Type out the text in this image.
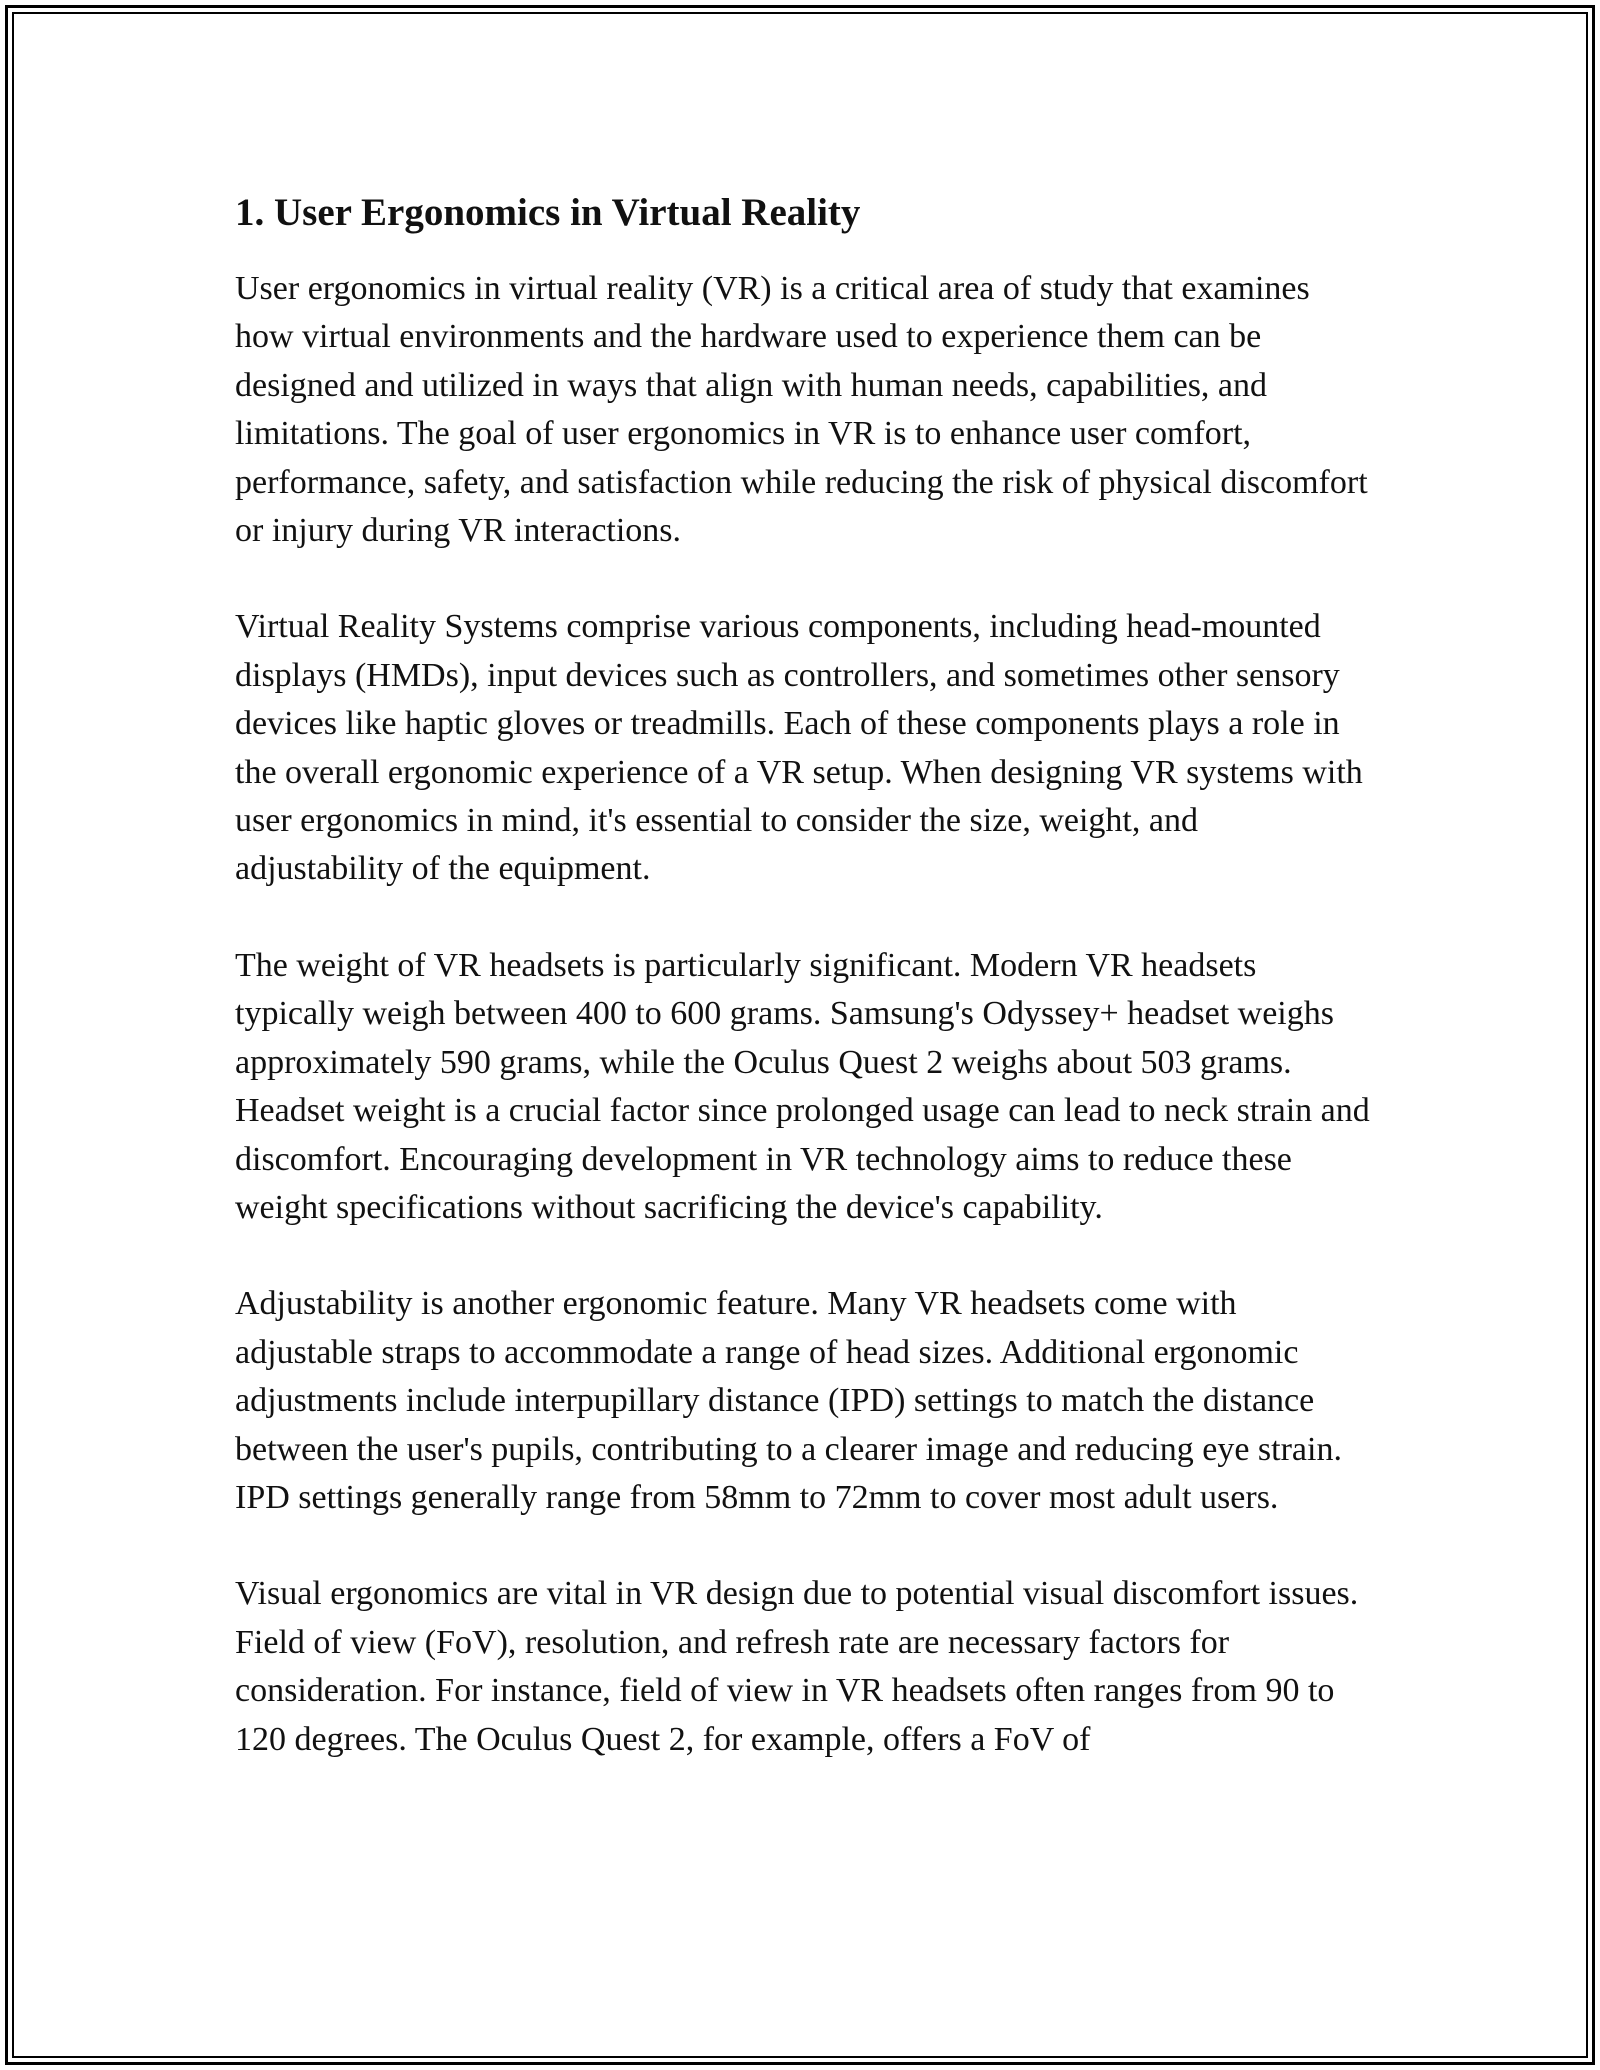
1. User Ergonomics in Virtual Reality

User ergonomics in virtual reality (VR) is a critical area of study that examines how virtual environments and the hardware used to experience them can be designed and utilized in ways that align with human needs, capabilities, and limitations. The goal of user ergonomics in VR is to enhance user comfort, performance, safety, and satisfaction while reducing the risk of physical discomfort or injury during VR interactions.

Virtual Reality Systems comprise various components, including head-mounted displays (HMDs), input devices such as controllers, and sometimes other sensory devices like haptic gloves or treadmills. Each of these components plays a role in the overall ergonomic experience of a VR setup. When designing VR systems with user ergonomics in mind, it's essential to consider the size, weight, and adjustability of the equipment.

The weight of VR headsets is particularly significant. Modern VR headsets typically weigh between 400 to 600 grams. Samsung's Odyssey+ headset weighs approximately 590 grams, while the Oculus Quest 2 weighs about 503 grams. Headset weight is a crucial factor since prolonged usage can lead to neck strain and discomfort. Encouraging development in VR technology aims to reduce these weight specifications without sacrificing the device's capability.

Adjustability is another ergonomic feature. Many VR headsets come with adjustable straps to accommodate a range of head sizes. Additional ergonomic adjustments include interpupillary distance (IPD) settings to match the distance between the user's pupils, contributing to a clearer image and reducing eye strain. IPD settings generally range from 58mm to 72mm to cover most adult users.

Visual ergonomics are vital in VR design due to potential visual discomfort issues. Field of view (FoV), resolution, and refresh rate are necessary factors for consideration. For instance, field of view in VR headsets often ranges from 90 to 120 degrees. The Oculus Quest 2, for example, offers a FoV of
